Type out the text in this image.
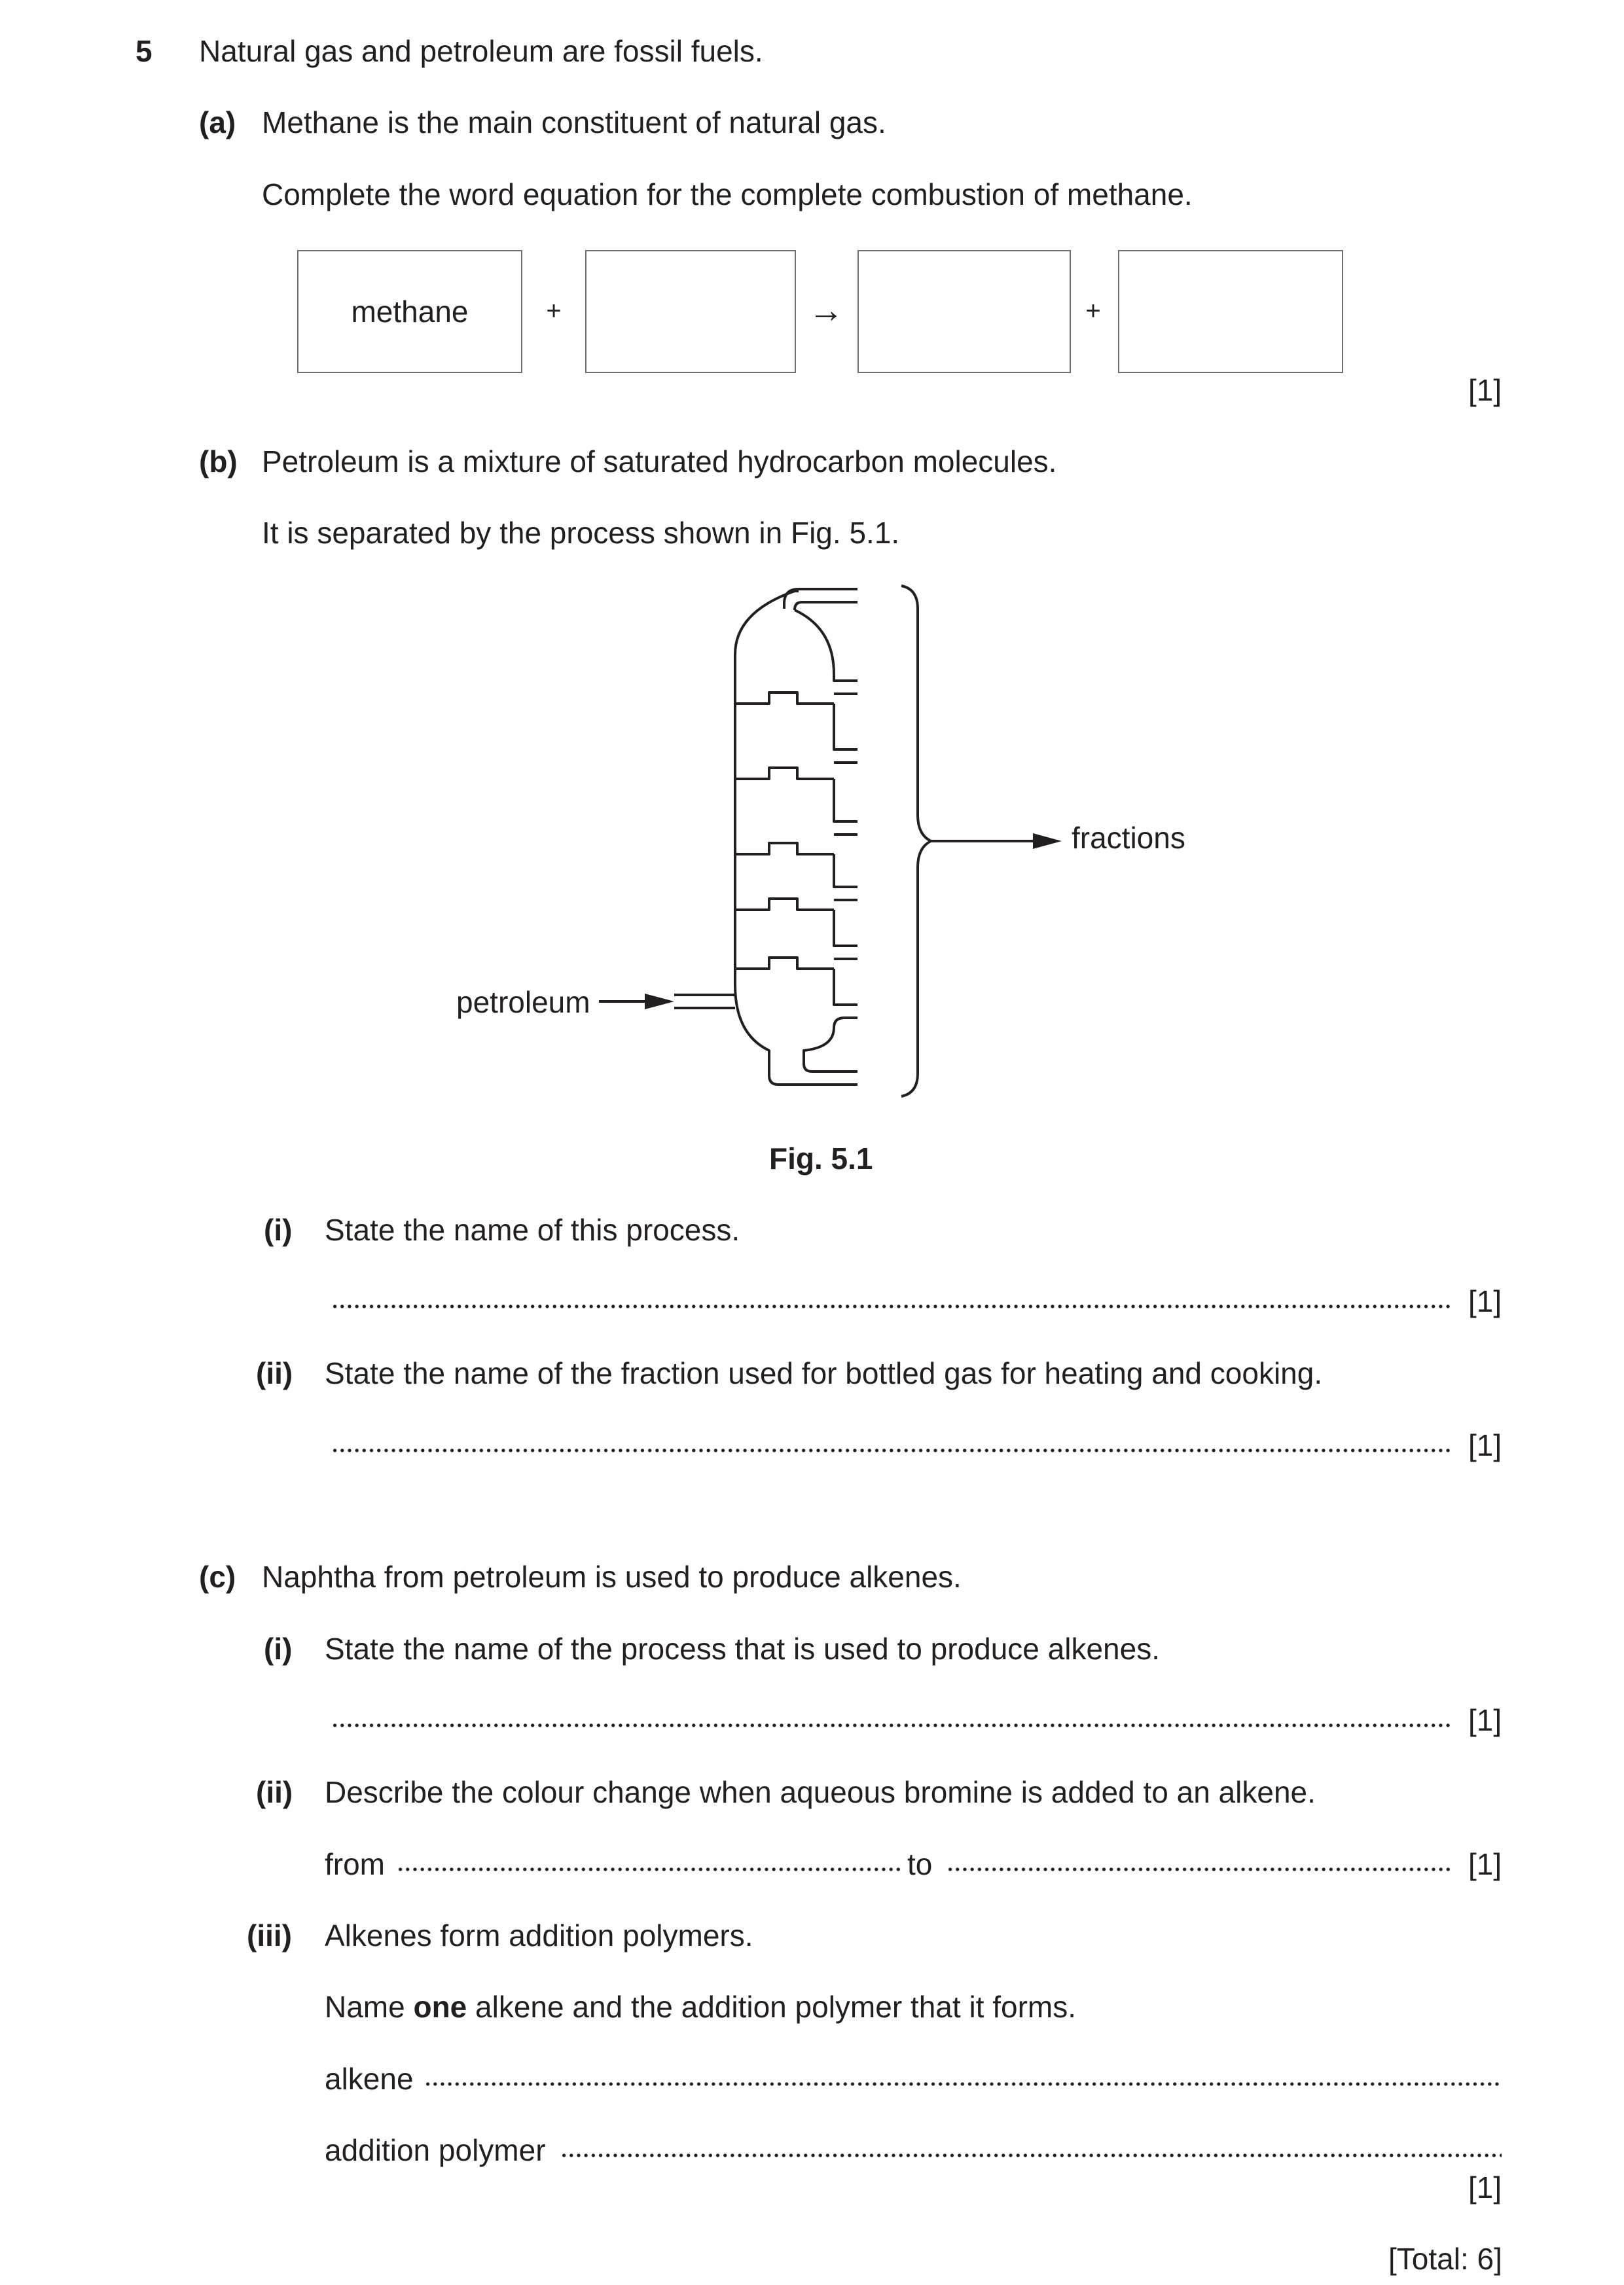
5 Natural gas and petroleum are fossil fuels.
(a) Methane is the main constituent of natural gas.
Complete the word equation for the complete combustion of methane.
methane	+	→	+
[1]
(b) Petroleum is a mixture of saturated hydrocarbon molecules.
It is separated by the process shown in Fig. 5.1.
petroleum
fractions
Fig. 5.1
(i) State the name of this process.
[1]
(ii) State the name of the fraction used for bottled gas for heating and cooking.
[1]
(c) Naphtha from petroleum is used to produce alkenes.
(i) State the name of the process that is used to produce alkenes.
[1]
(ii) Describe the colour change when aqueous bromine is added to an alkene.
from	to	[1]
(iii) Alkenes form addition polymers.
Name one alkene and the addition polymer that it forms.
alkene
addition polymer
[1]
[Total: 6]
